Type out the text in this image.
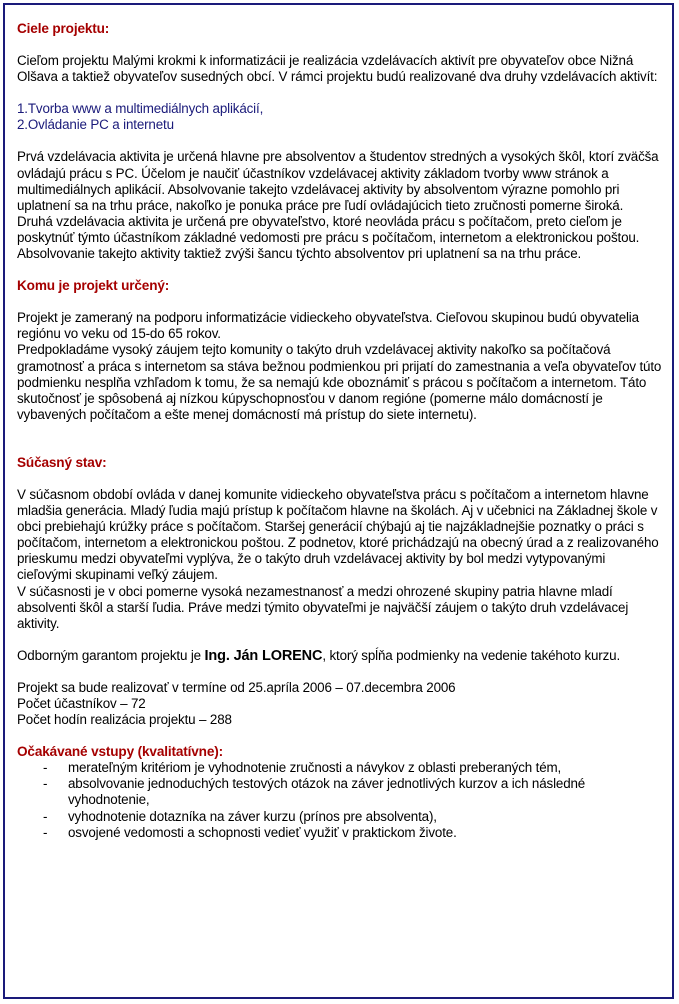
Ciele projektu:

Cieľom projektu Malými krokmi k informatizácii je realizácia vzdelávacích aktivít pre obyvateľov obce Nižná Olšava a taktiež obyvateľov susedných obcí. V rámci projektu budú realizované dva druhy vzdelávacích aktivít:

1.Tvorba www a multimediálnych aplikácií,

2.Ovládanie PC a internetu

Prvá vzdelávacia aktivita je určená hlavne pre absolventov a študentov stredných a vysokých škôl, ktorí zväčša ovládajú prácu s PC. Účelom je naučiť účastníkov vzdelávacej aktivity základom tvorby www stránok a multimediálnych aplikácií. Absolvovanie takejto vzdelávacej aktivity by absolventom výrazne pomohlo pri uplatnení sa na trhu práce, nakoľko je ponuka práce pre ľudí ovládajúcich tieto zručnosti pomerne široká.

Druhá vzdelávacia aktivita je určená pre obyvateľstvo, ktoré neovláda prácu s počítačom, preto cieľom je poskytnúť týmto účastníkom základné vedomosti pre prácu s počítačom, internetom a elektronickou poštou. Absolvovanie takejto aktivity taktiež zvýši šancu týchto absolventov pri uplatnení sa na trhu práce.

Komu je projekt určený:

Projekt je zameraný na podporu informatizácie vidieckeho obyvateľstva. Cieľovou skupinou budú obyvatelia regiónu vo veku od 15-do 65 rokov.

Predpokladáme vysoký záujem tejto komunity o takýto druh vzdelávacej aktivity nakoľko sa počítačová gramotnosť a práca s internetom sa stáva bežnou podmienkou pri prijatí do zamestnania a veľa obyvateľov túto podmienku nesplňa vzhľadom k tomu, že sa nemajú kde oboznámiť s prácou s počítačom a internetom. Táto skutočnosť je spôsobená aj nízkou kúpyschopnosťou v danom regióne (pomerne málo domácností je vybavených počítačom a ešte menej domácností má prístup do siete internetu).

Súčasný stav:

V súčasnom období ovláda v danej komunite vidieckeho obyvateľstva prácu s počítačom a internetom hlavne mladšia generácia. Mladý ľudia majú prístup k počítačom hlavne na školách. Aj v učebnici na Základnej škole v obci prebiehajú krúžky práce s počítačom. Staršej generácií chýbajú aj tie najzákladnejšie poznatky o práci s počítačom, internetom a elektronickou poštou. Z podnetov, ktoré prichádzajú na obecný úrad a z realizovaného prieskumu medzi obyvateľmi vyplýva, že o takýto druh vzdelávacej aktivity by bol medzi vytypovanými cieľovými skupinami veľký záujem.

V súčasnosti je v obci pomerne vysoká nezamestnanosť a medzi ohrozené skupiny patria hlavne mladí absolventi škôl a starší ľudia. Práve medzi týmito obyvateľmi je najväčší záujem o takýto druh vzdelávacej aktivity.

Odborným garantom projektu je Ing. Ján LORENC, ktorý spĺňa podmienky na vedenie takéhoto kurzu.

Projekt sa bude realizovať v termíne od 25.apríla 2006 – 07.decembra 2006

Počet účastníkov – 72

Počet hodín realizácia projektu – 288

Očakávané vstupy (kvalitatívne):

- merateľným kritériom je vyhodnotenie zručnosti a návykov z oblasti preberaných tém,
- absolvovanie jednoduchých testových otázok na záver jednotlivých kurzov a ich následné vyhodnotenie,
- vyhodnotenie dotazníka na záver kurzu (prínos pre absolventa),
- osvojené vedomosti a schopnosti vedieť využiť v praktickom živote.
